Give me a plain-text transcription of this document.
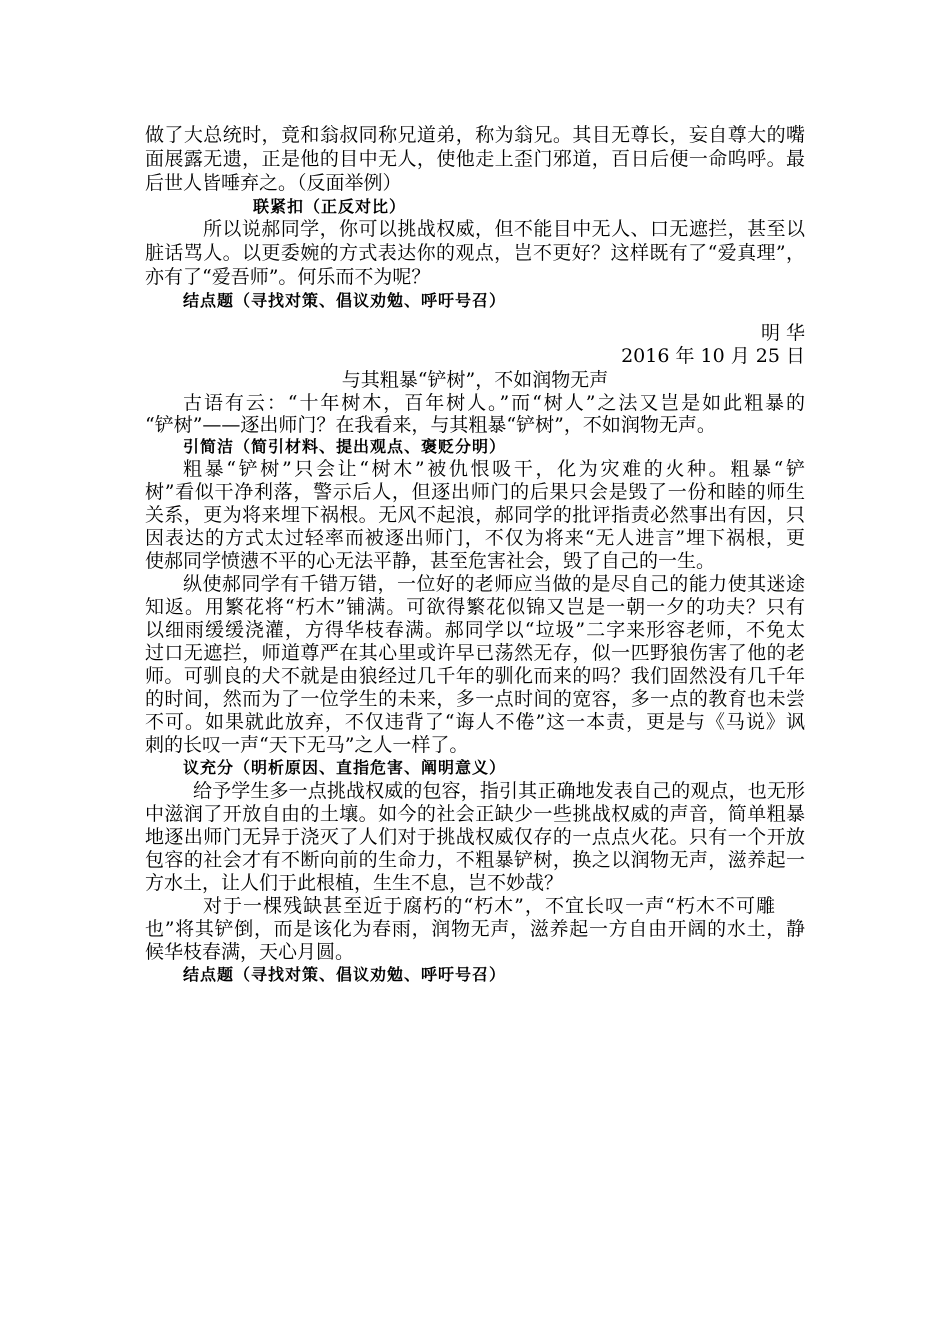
做了大总统时，竟和翁叔同称兄道弟，称为翁兄。其目无尊长，妄自尊大的嘴
面展露无遗，正是他的目中无人，使他走上歪门邪道，百日后便一命呜呼。最
后世人皆唾弃之。（反面举例）
联紧扣（正反对比）
所以说郝同学，你可以挑战权威，但不能目中无人、口无遮拦，甚至以
脏话骂人。以更委婉的方式表达你的观点，岂不更好？这样既有了“爱真理”，
亦有了“爱吾师”。何乐而不为呢？
结点题（寻找对策、倡议劝勉、呼吁号召）
明 华
2016 年 10 月 25 日
与其粗暴“铲树”，不如润物无声
古语有云：“十年树木，百年树人。”而“树人”之法又岂是如此粗暴的
“铲树”——逐出师门？在我看来，与其粗暴“铲树”，不如润物无声。
引简洁（简引材料、提出观点、褒贬分明）
粗暴“铲树”只会让“树木”被仇恨吸干，化为灾难的火种。粗暴“铲
树”看似干净利落，警示后人，但逐出师门的后果只会是毁了一份和睦的师生
关系，更为将来埋下祸根。无风不起浪，郝同学的批评指责必然事出有因，只
因表达的方式太过轻率而被逐出师门，不仅为将来“无人进言”埋下祸根，更
使郝同学愤懑不平的心无法平静，甚至危害社会，毁了自己的一生。
纵使郝同学有千错万错，一位好的老师应当做的是尽自己的能力使其迷途
知返。用繁花将“朽木”铺满。可欲得繁花似锦又岂是一朝一夕的功夫？只有
以细雨缓缓浇灌，方得华枝春满。郝同学以“垃圾”二字来形容老师，不免太
过口无遮拦，师道尊严在其心里或许早已荡然无存，似一匹野狼伤害了他的老
师。可驯良的犬不就是由狼经过几千年的驯化而来的吗？我们固然没有几千年
的时间，然而为了一位学生的未来，多一点时间的宽容，多一点的教育也未尝
不可。如果就此放弃，不仅违背了“诲人不倦”这一本责，更是与《马说》讽
刺的长叹一声“天下无马”之人一样了。
议充分（明析原因、直指危害、阐明意义）
给予学生多一点挑战权威的包容，指引其正确地发表自己的观点，也无形
中滋润了开放自由的土壤。如今的社会正缺少一些挑战权威的声音，简单粗暴
地逐出师门无异于浇灭了人们对于挑战权威仅存的一点点火花。只有一个开放
包容的社会才有不断向前的生命力，不粗暴铲树，换之以润物无声，滋养起一
方水土，让人们于此根植，生生不息，岂不妙哉？
对于一棵残缺甚至近于腐朽的“朽木”，不宜长叹一声“朽木不可雕
也”将其铲倒，而是该化为春雨，润物无声，滋养起一方自由开阔的水土，静
候华枝春满，天心月圆。
结点题（寻找对策、倡议劝勉、呼吁号召）
